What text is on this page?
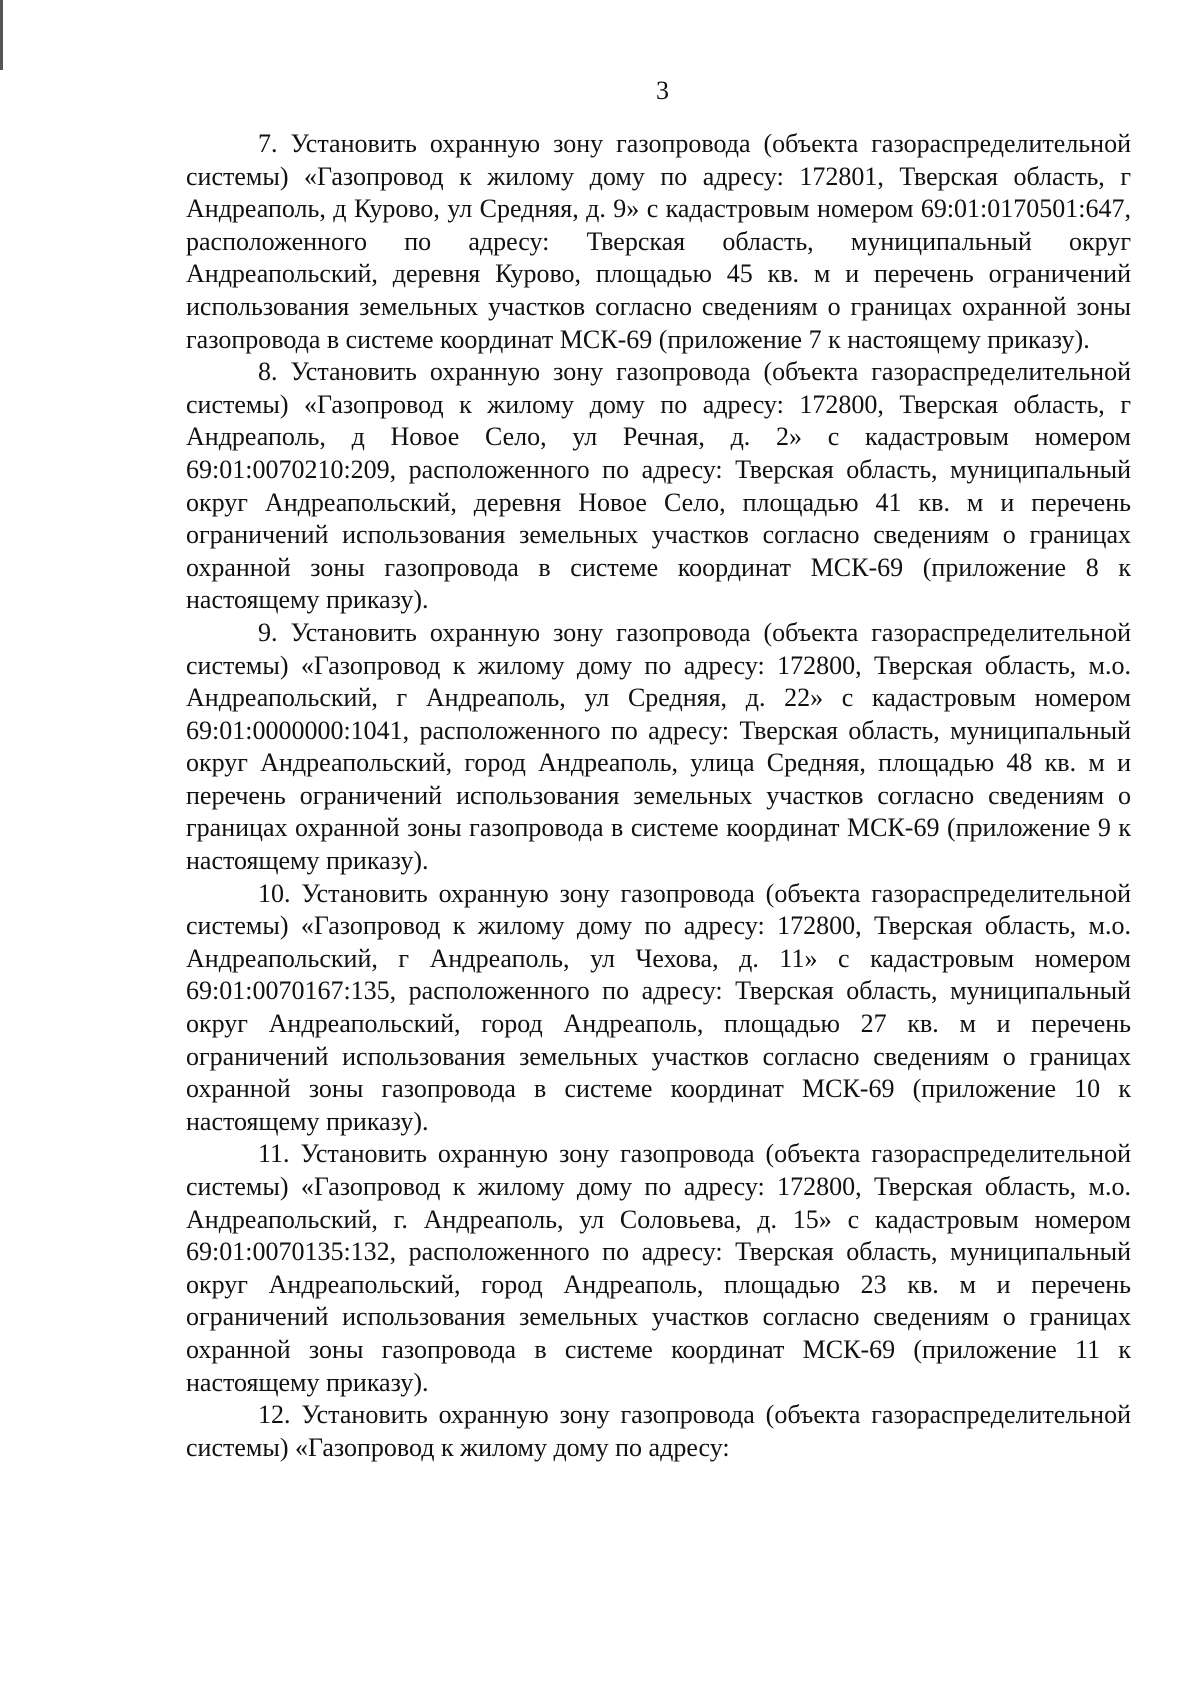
3

7. Установить охранную зону газопровода (объекта газораспределительной системы) «Газопровод к жилому дому по адресу: 172801, Тверская область, г Андреаполь, д Курово, ул Средняя, д. 9» с кадастровым номером 69:01:0170501:647, расположенного по адресу: Тверская область, муниципальный округ Андреапольский, деревня Курово, площадью 45 кв. м и перечень ограничений использования земельных участков согласно сведениям о границах охранной зоны газопровода в системе координат МСК-69 (приложение 7 к настоящему приказу).

8. Установить охранную зону газопровода (объекта газораспределительной системы) «Газопровод к жилому дому по адресу: 172800, Тверская область, г Андреаполь, д Новое Село, ул Речная, д. 2» с кадастровым номером 69:01:0070210:209, расположенного по адресу: Тверская область, муниципальный округ Андреапольский, деревня Новое Село, площадью 41 кв. м и перечень ограничений использования земельных участков согласно сведениям о границах охранной зоны газопровода в системе координат МСК-69 (приложение 8 к настоящему приказу).

9. Установить охранную зону газопровода (объекта газораспределительной системы) «Газопровод к жилому дому по адресу: 172800, Тверская область, м.о. Андреапольский, г Андреаполь, ул Средняя, д. 22» с кадастровым номером 69:01:0000000:1041, расположенного по адресу: Тверская область, муниципальный округ Андреапольский, город Андреаполь, улица Средняя, площадью 48 кв. м и перечень ограничений использования земельных участков согласно сведениям о границах охранной зоны газопровода в системе координат МСК-69 (приложение 9 к настоящему приказу).

10. Установить охранную зону газопровода (объекта газораспределительной системы) «Газопровод к жилому дому по адресу: 172800, Тверская область, м.о. Андреапольский, г Андреаполь, ул Чехова, д. 11» с кадастровым номером 69:01:0070167:135, расположенного по адресу: Тверская область, муниципальный округ Андреапольский, город Андреаполь, площадью 27 кв. м и перечень ограничений использования земельных участков согласно сведениям о границах охранной зоны газопровода в системе координат МСК-69 (приложение 10 к настоящему приказу).

11. Установить охранную зону газопровода (объекта газораспределительной системы) «Газопровод к жилому дому по адресу: 172800, Тверская область, м.о. Андреапольский, г. Андреаполь, ул Соловьева, д. 15» с кадастровым номером 69:01:0070135:132, расположенного по адресу: Тверская область, муниципальный округ Андреапольский, город Андреаполь, площадью 23 кв. м и перечень ограничений использования земельных участков согласно сведениям о границах охранной зоны газопровода в системе координат МСК-69 (приложение 11 к настоящему приказу).

12. Установить охранную зону газопровода (объекта газораспределительной системы) «Газопровод к жилому дому по адресу:
